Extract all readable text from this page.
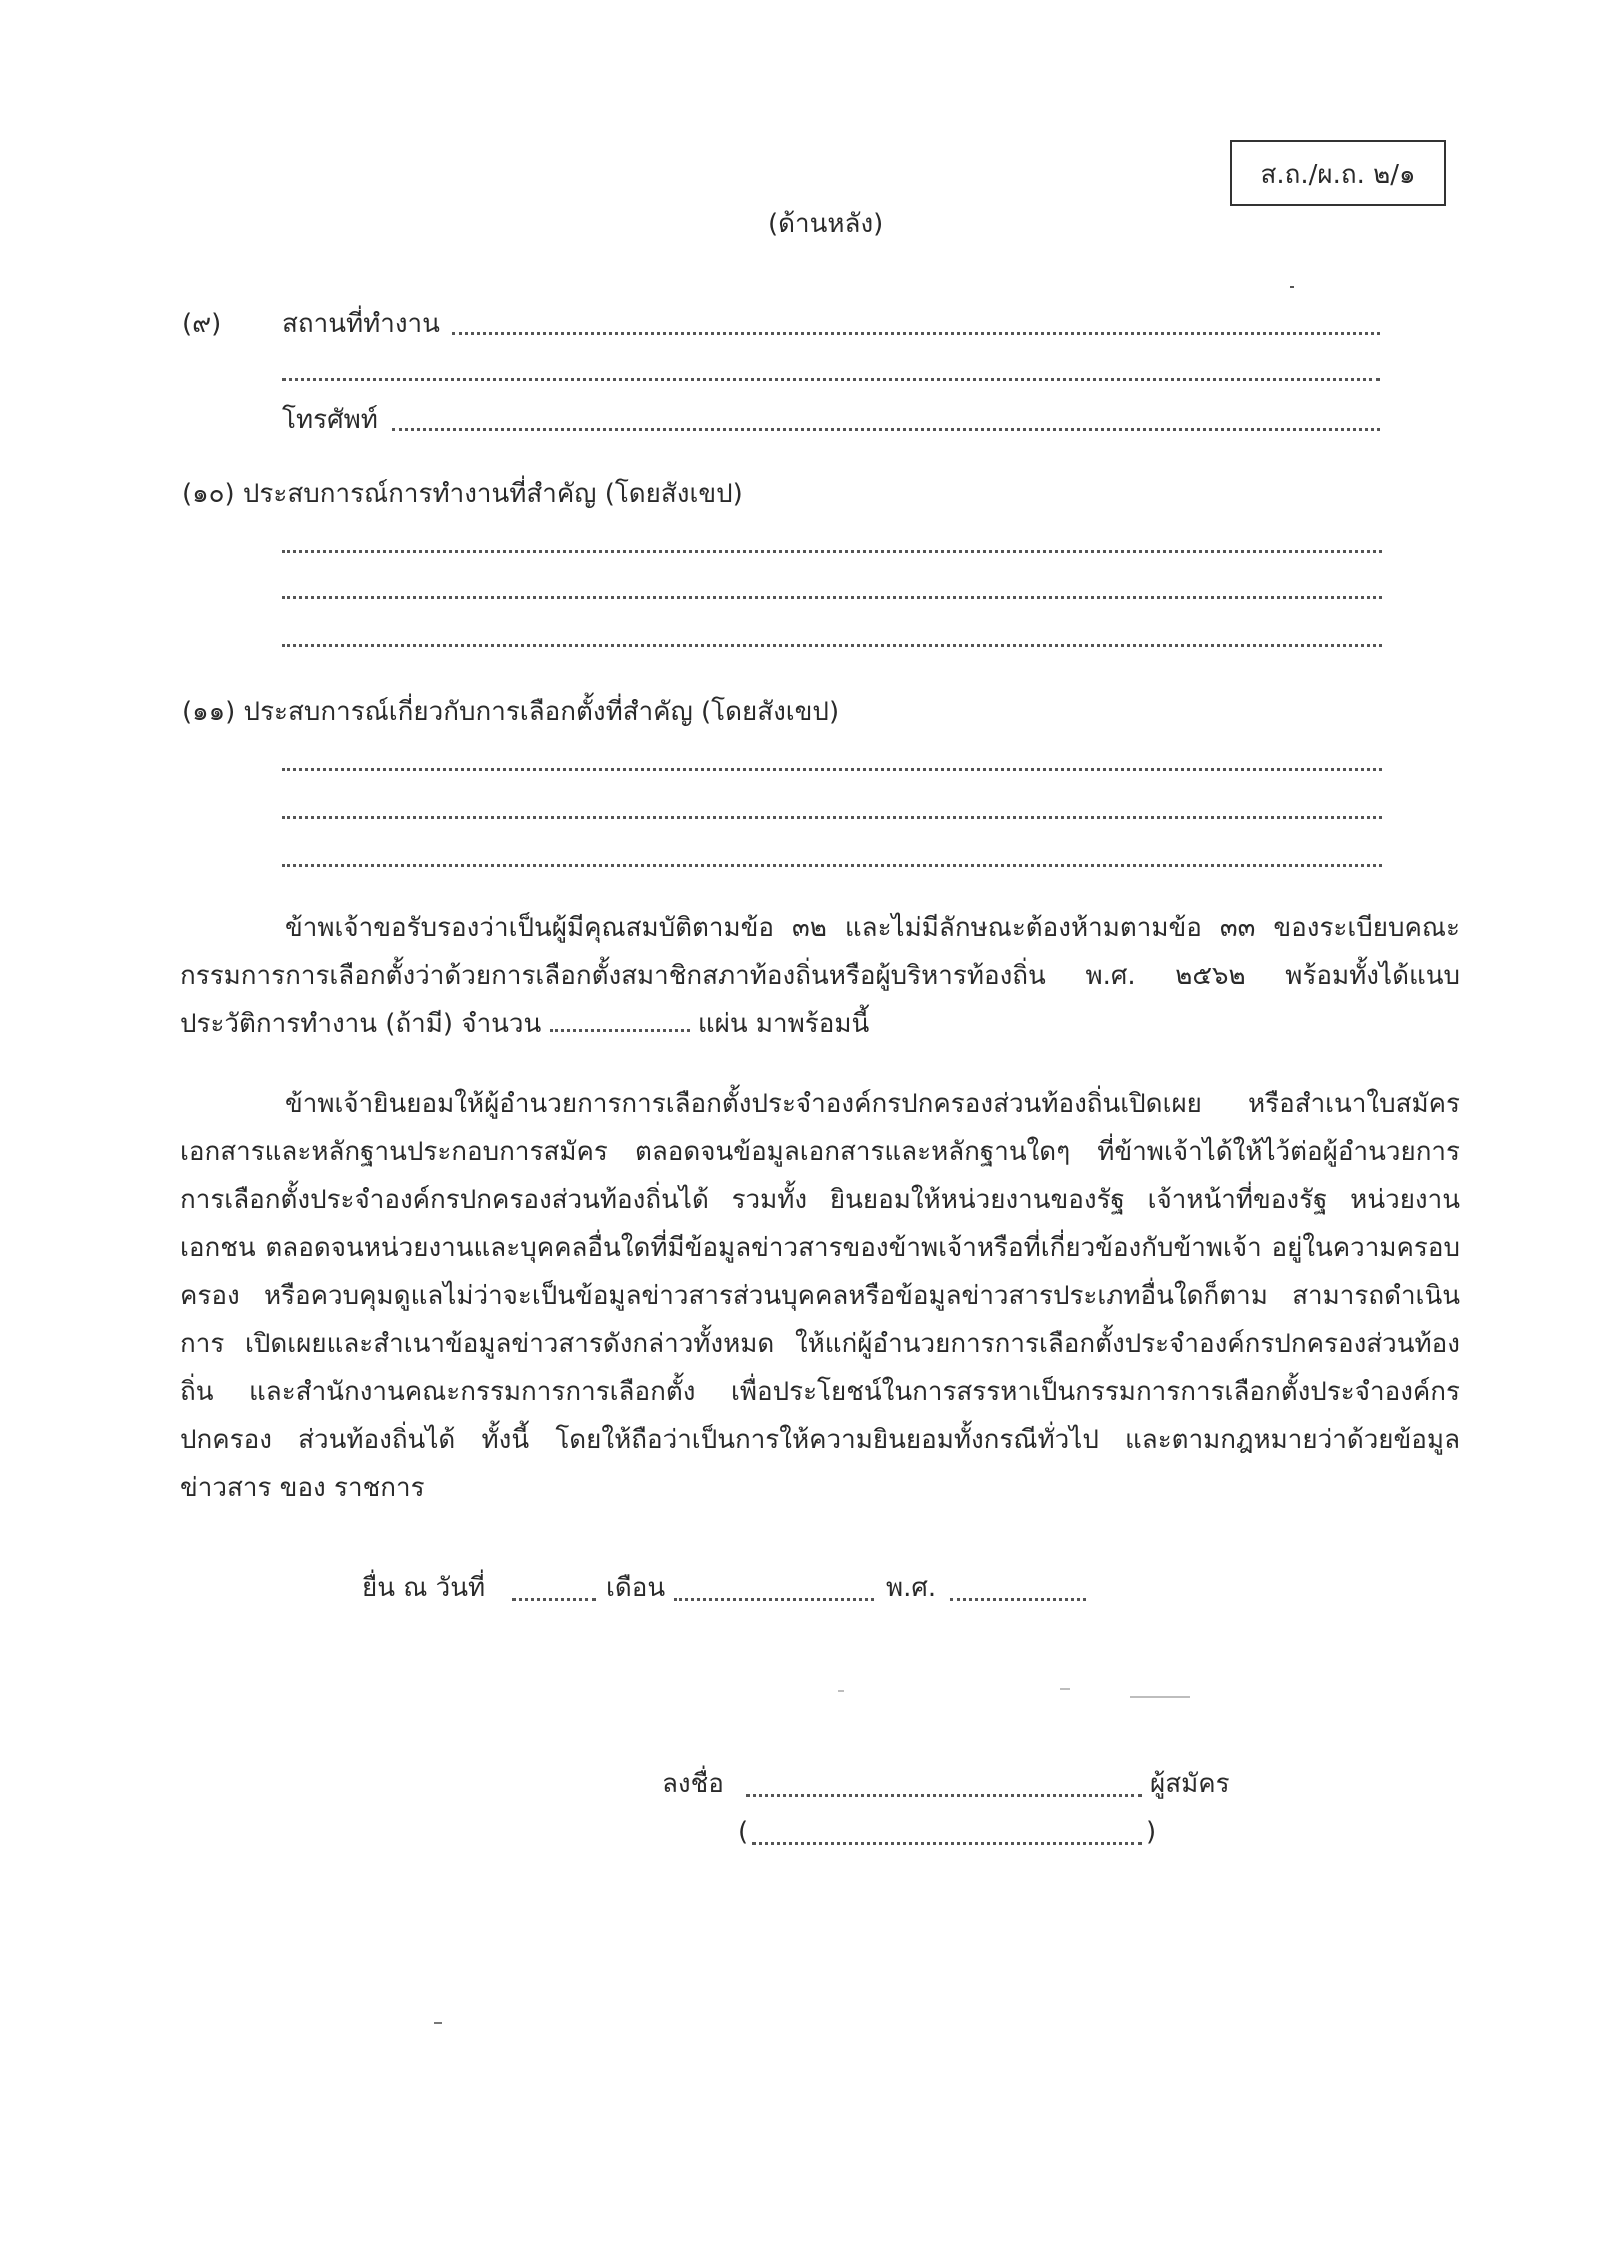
ส.ถ./ผ.ถ. ๒/๑
(ด้านหลัง)
(๙) สถานที่ทำงาน
โทรศัพท์
(๑๐) ประสบการณ์การทำงานที่สำคัญ (โดยสังเขป)
(๑๑) ประสบการณ์เกี่ยวกับการเลือกตั้งที่สำคัญ (โดยสังเขป)
ข้าพเจ้าขอรับรองว่าเป็นผู้มีคุณสมบัติตามข้อ ๓๒ และไม่มีลักษณะต้องห้ามตามข้อ ๓๓ ของระเบียบคณะกรรมการการเลือกตั้งว่าด้วยการเลือกตั้งสมาชิกสภาท้องถิ่นหรือผู้บริหารท้องถิ่น พ.ศ. ๒๕๖๒ พร้อมทั้งได้แนบประวัติการทำงาน (ถ้ามี) จำนวน	แผ่น มาพร้อมนี้
ข้าพเจ้ายินยอมให้ผู้อำนวยการการเลือกตั้งประจำองค์กรปกครองส่วนท้องถิ่นเปิดเผย หรือสำเนาใบสมัคร เอกสารและหลักฐานประกอบการสมัคร ตลอดจนข้อมูลเอกสารและหลักฐานใดๆ ที่ข้าพเจ้าได้ให้ไว้ต่อผู้อำนวยการการเลือกตั้งประจำองค์กรปกครองส่วนท้องถิ่นได้ รวมทั้ง ยินยอมให้หน่วยงานของรัฐ เจ้าหน้าที่ของรัฐ หน่วยงานเอกชน ตลอดจนหน่วยงานและบุคคลอื่นใดที่มีข้อมูลข่าวสารของข้าพเจ้าหรือที่เกี่ยวข้องกับข้าพเจ้า อยู่ในความครอบครอง หรือควบคุมดูแลไม่ว่าจะเป็นข้อมูลข่าวสารส่วนบุคคลหรือข้อมูลข่าวสารประเภทอื่นใดก็ตาม สามารถดำเนินการ เปิดเผยและสำเนาข้อมูลข่าวสารดังกล่าวทั้งหมด ให้แก่ผู้อำนวยการการเลือกตั้งประจำองค์กรปกครองส่วนท้องถิ่น และสำนักงานคณะกรรมการการเลือกตั้ง เพื่อประโยชน์ในการสรรหาเป็นกรรมการการเลือกตั้งประจำองค์กรปกครอง ส่วนท้องถิ่นได้ ทั้งนี้ โดยให้ถือว่าเป็นการให้ความยินยอมทั้งกรณีทั่วไป และตามกฎหมายว่าด้วยข้อมูลข่าวสาร ของ ราชการ
ยื่น ณ วันที่	เดือน	พ.ศ.
ลงชื่อ	ผู้สมัคร
(	)
